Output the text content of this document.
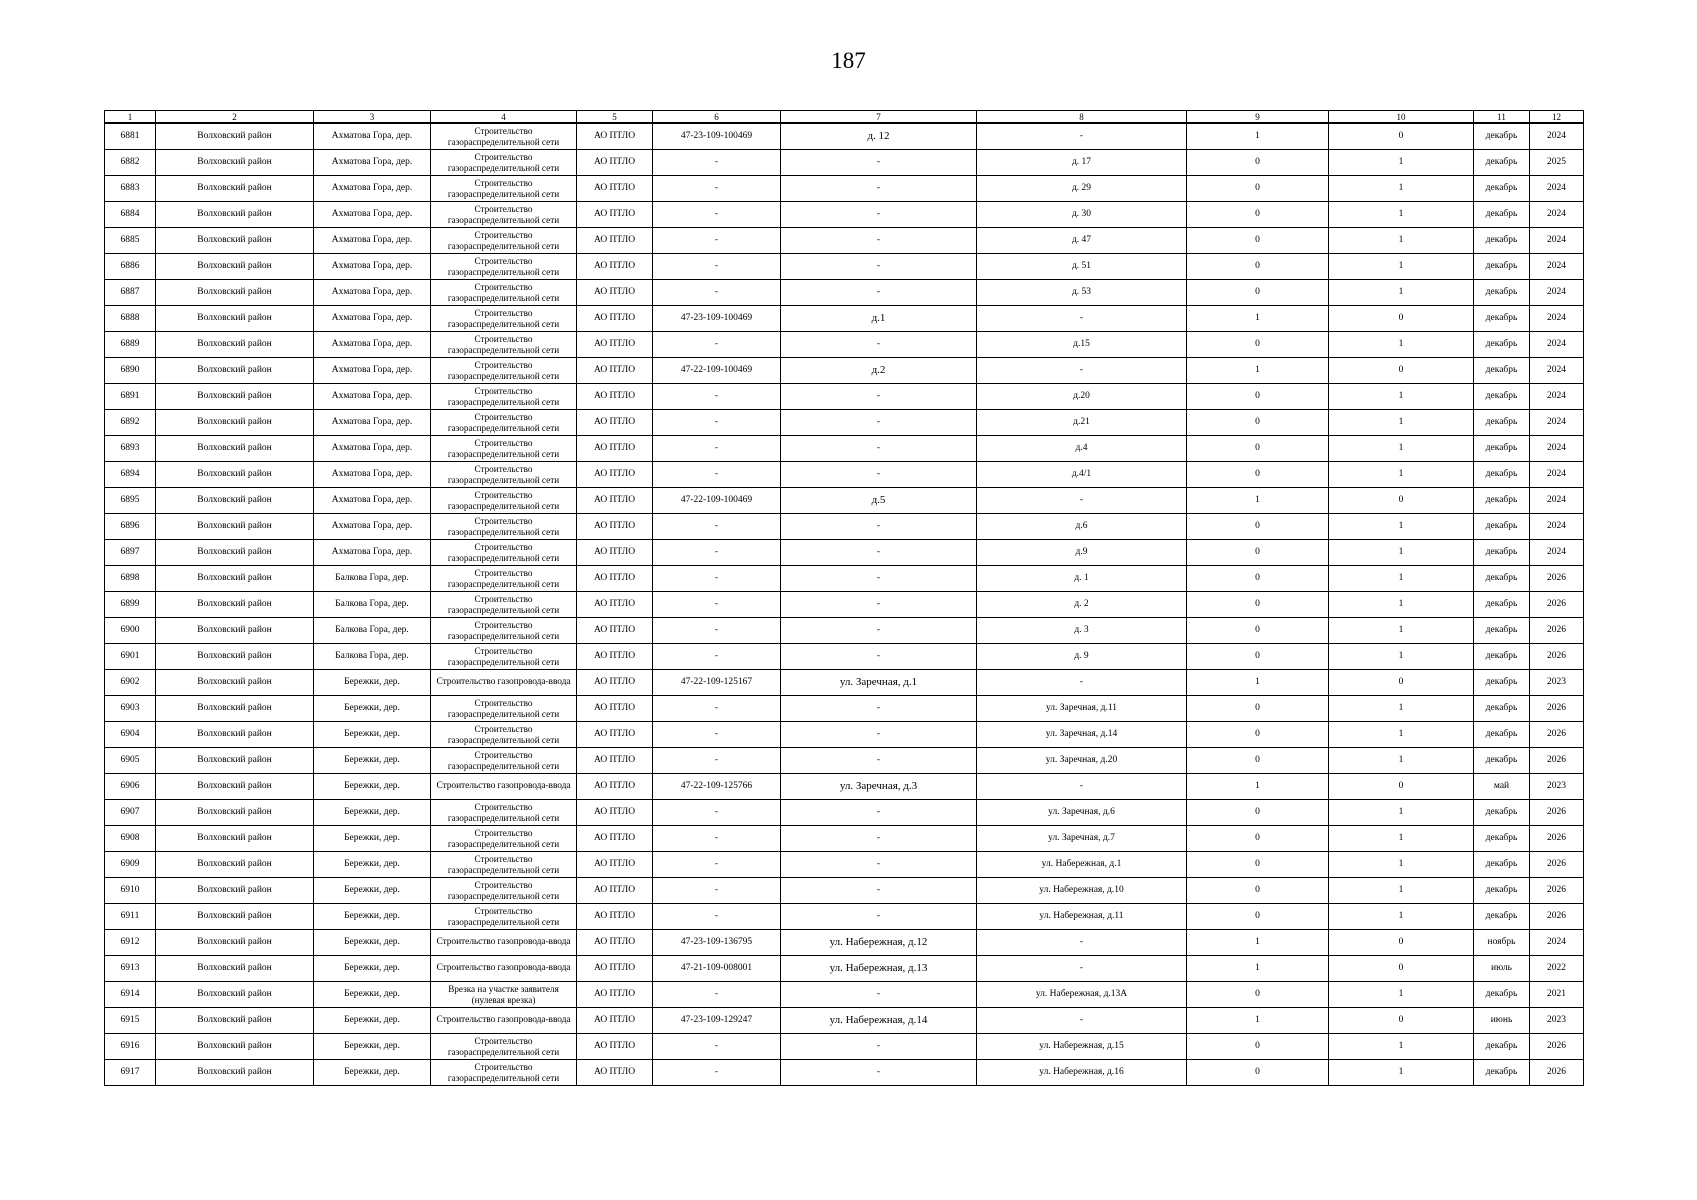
187
1	2	3	4	5	6	7	8	9	10	11	12
6881	Волховский район	Ахматова Гора, дер.	Строительство газораспределительной сети	АО ПТЛО	47-23-109-100469	д. 12	-	1	0	декабрь	2024
6882	Волховский район	Ахматова Гора, дер.	Строительство газораспределительной сети	АО ПТЛО	-	-	д. 17	0	1	декабрь	2025
6883	Волховский район	Ахматова Гора, дер.	Строительство газораспределительной сети	АО ПТЛО	-	-	д. 29	0	1	декабрь	2024
6884	Волховский район	Ахматова Гора, дер.	Строительство газораспределительной сети	АО ПТЛО	-	-	д. 30	0	1	декабрь	2024
6885	Волховский район	Ахматова Гора, дер.	Строительство газораспределительной сети	АО ПТЛО	-	-	д. 47	0	1	декабрь	2024
6886	Волховский район	Ахматова Гора, дер.	Строительство газораспределительной сети	АО ПТЛО	-	-	д. 51	0	1	декабрь	2024
6887	Волховский район	Ахматова Гора, дер.	Строительство газораспределительной сети	АО ПТЛО	-	-	д. 53	0	1	декабрь	2024
6888	Волховский район	Ахматова Гора, дер.	Строительство газораспределительной сети	АО ПТЛО	47-23-109-100469	д.1	-	1	0	декабрь	2024
6889	Волховский район	Ахматова Гора, дер.	Строительство газораспределительной сети	АО ПТЛО	-	-	д.15	0	1	декабрь	2024
6890	Волховский район	Ахматова Гора, дер.	Строительство газораспределительной сети	АО ПТЛО	47-22-109-100469	д.2	-	1	0	декабрь	2024
6891	Волховский район	Ахматова Гора, дер.	Строительство газораспределительной сети	АО ПТЛО	-	-	д.20	0	1	декабрь	2024
6892	Волховский район	Ахматова Гора, дер.	Строительство газораспределительной сети	АО ПТЛО	-	-	д.21	0	1	декабрь	2024
6893	Волховский район	Ахматова Гора, дер.	Строительство газораспределительной сети	АО ПТЛО	-	-	д.4	0	1	декабрь	2024
6894	Волховский район	Ахматова Гора, дер.	Строительство газораспределительной сети	АО ПТЛО	-	-	д.4/1	0	1	декабрь	2024
6895	Волховский район	Ахматова Гора, дер.	Строительство газораспределительной сети	АО ПТЛО	47-22-109-100469	д.5	-	1	0	декабрь	2024
6896	Волховский район	Ахматова Гора, дер.	Строительство газораспределительной сети	АО ПТЛО	-	-	д.6	0	1	декабрь	2024
6897	Волховский район	Ахматова Гора, дер.	Строительство газораспределительной сети	АО ПТЛО	-	-	д.9	0	1	декабрь	2024
6898	Волховский район	Балкова Гора, дер.	Строительство газораспределительной сети	АО ПТЛО	-	-	д. 1	0	1	декабрь	2026
6899	Волховский район	Балкова Гора, дер.	Строительство газораспределительной сети	АО ПТЛО	-	-	д. 2	0	1	декабрь	2026
6900	Волховский район	Балкова Гора, дер.	Строительство газораспределительной сети	АО ПТЛО	-	-	д. 3	0	1	декабрь	2026
6901	Волховский район	Балкова Гора, дер.	Строительство газораспределительной сети	АО ПТЛО	-	-	д. 9	0	1	декабрь	2026
6902	Волховский район	Бережки, дер.	Строительство газопровода-ввода	АО ПТЛО	47-22-109-125167	ул. Заречная, д.1	-	1	0	декабрь	2023
6903	Волховский район	Бережки, дер.	Строительство газораспределительной сети	АО ПТЛО	-	-	ул. Заречная, д.11	0	1	декабрь	2026
6904	Волховский район	Бережки, дер.	Строительство газораспределительной сети	АО ПТЛО	-	-	ул. Заречная, д.14	0	1	декабрь	2026
6905	Волховский район	Бережки, дер.	Строительство газораспределительной сети	АО ПТЛО	-	-	ул. Заречная, д.20	0	1	декабрь	2026
6906	Волховский район	Бережки, дер.	Строительство газопровода-ввода	АО ПТЛО	47-22-109-125766	ул. Заречная, д.3	-	1	0	май	2023
6907	Волховский район	Бережки, дер.	Строительство газораспределительной сети	АО ПТЛО	-	-	ул. Заречная, д.6	0	1	декабрь	2026
6908	Волховский район	Бережки, дер.	Строительство газораспределительной сети	АО ПТЛО	-	-	ул. Заречная, д.7	0	1	декабрь	2026
6909	Волховский район	Бережки, дер.	Строительство газораспределительной сети	АО ПТЛО	-	-	ул. Набережная, д.1	0	1	декабрь	2026
6910	Волховский район	Бережки, дер.	Строительство газораспределительной сети	АО ПТЛО	-	-	ул. Набережная, д.10	0	1	декабрь	2026
6911	Волховский район	Бережки, дер.	Строительство газораспределительной сети	АО ПТЛО	-	-	ул. Набережная, д.11	0	1	декабрь	2026
6912	Волховский район	Бережки, дер.	Строительство газопровода-ввода	АО ПТЛО	47-23-109-136795	ул. Набережная, д.12	-	1	0	ноябрь	2024
6913	Волховский район	Бережки, дер.	Строительство газопровода-ввода	АО ПТЛО	47-21-109-008001	ул. Набережная, д.13	-	1	0	июль	2022
6914	Волховский район	Бережки, дер.	Врезка на участке заявителя (нулевая врезка)	АО ПТЛО	-	-	ул. Набережная, д.13А	0	1	декабрь	2021
6915	Волховский район	Бережки, дер.	Строительство газопровода-ввода	АО ПТЛО	47-23-109-129247	ул. Набережная, д.14	-	1	0	июнь	2023
6916	Волховский район	Бережки, дер.	Строительство газораспределительной сети	АО ПТЛО	-	-	ул. Набережная, д.15	0	1	декабрь	2026
6917	Волховский район	Бережки, дер.	Строительство газораспределительной сети	АО ПТЛО	-	-	ул. Набережная, д.16	0	1	декабрь	2026
